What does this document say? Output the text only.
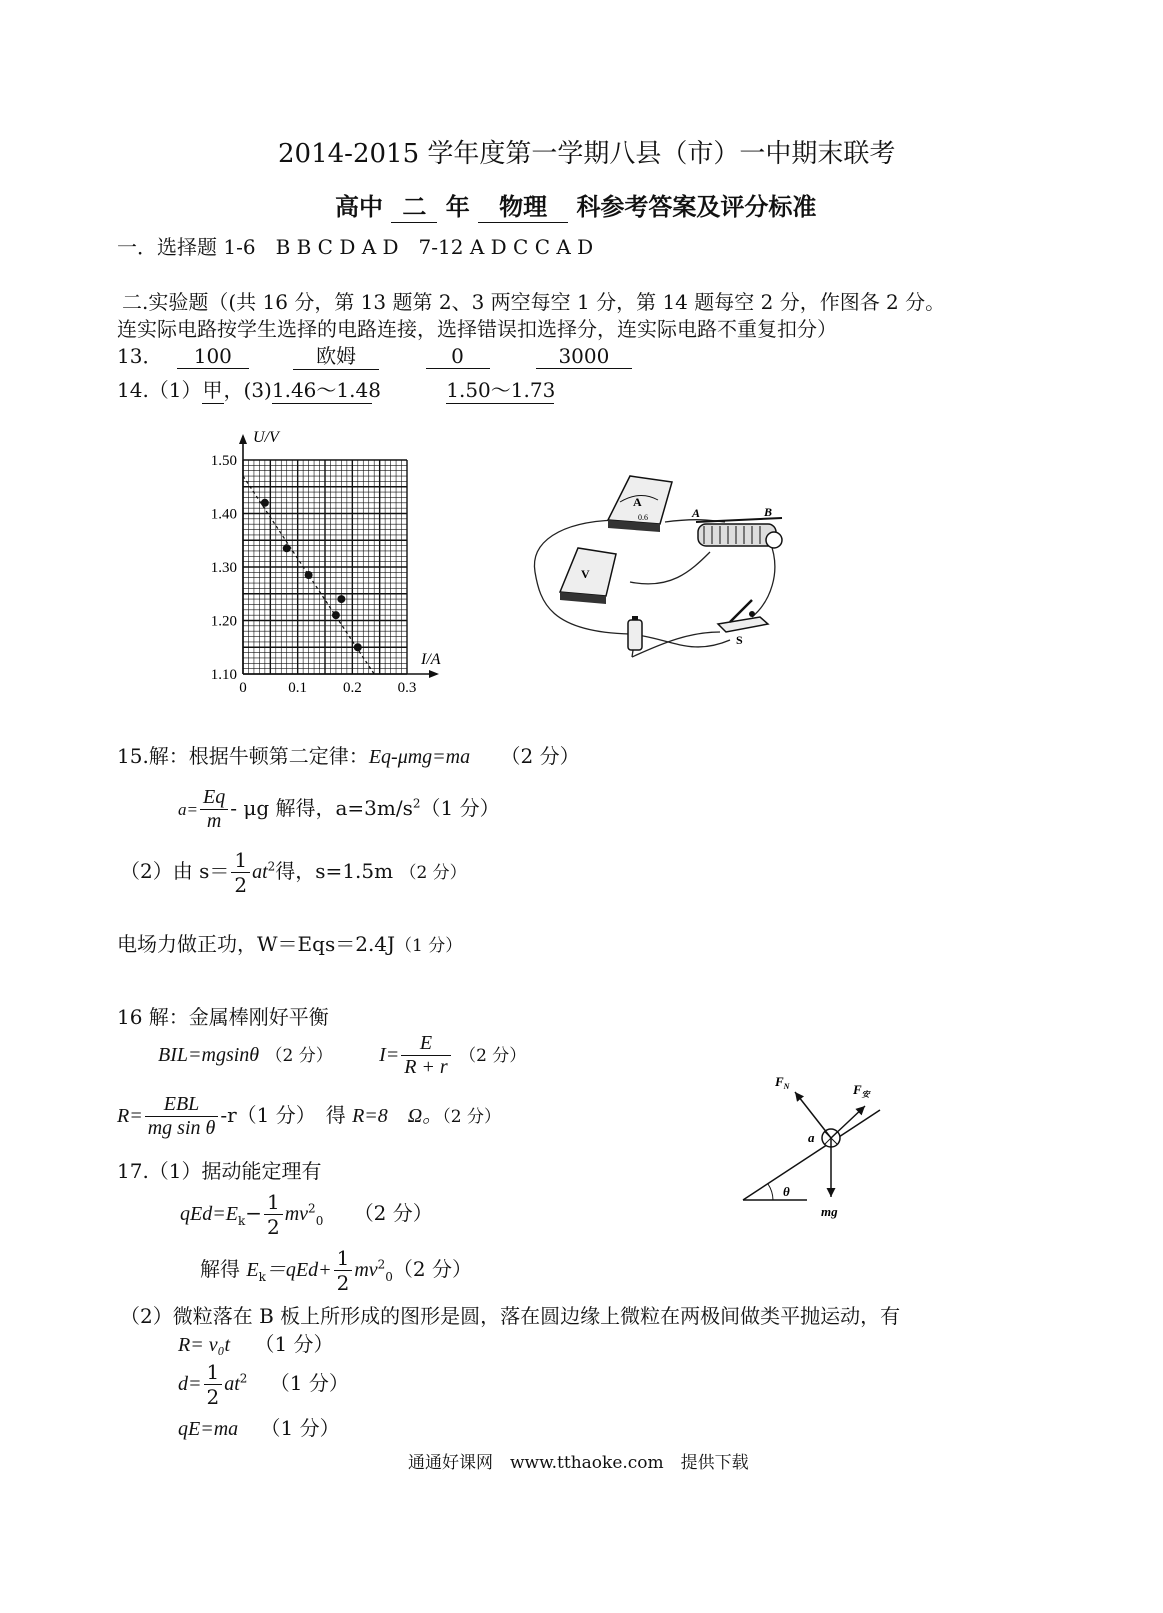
2014-2015 学年度第一学期八县（市）一中期末联考
高中 二 年 物理 科参考答案及评分标准
一．选择题 1-6　B B C D A D　7-12 A D C C A D
二.实验题（(共 16 分，第 13 题第 2、3 两空每空 1 分，第 14 题每空 2 分，作图各 2 分。
连实际电路按学生选择的电路连接，选择错误扣选择分，连实际电路不重复扣分）
13． 100	欧姆	0	3000
14.（1）甲，(3)1.46～1.48	1.50～1.73
1.10
1.20
1.30
1.40
1.50
0	0.1 0.2 0.3
U/V
I/A
A
0.6
V
A	B
S
15.解：根据牛顿第二定律：Eq-μmg=ma （2 分）
$a= \frac{Eq}{m} - \mu g$ 解得，$a=3m/s^2(1$ 分）
（2）由 $s= \frac{1}{2} at^2$得，s=1.5m （2 分）
电场力做正功，W＝Eqs＝2.4J（1 分）
16 解：金属棒刚好平衡
BIL=mgsinθ （2 分） $I= \frac{E}{R + r} (2$ 分）
$R= \frac{\text{EBL}}{\text{mg sin θ}} -r(1$ 分）　得 R=8　Ω。（2 分）
$F_N$	$F_安$
a
θ
mg
17.（1）据动能定理有
$qEd=E_k- \frac{1}{2} mv^2_0$ （2 分）
解得 $E_k=qEd+ \frac{1}{2} mv^2_0(2$ 分）
（2）微粒落在 B 板上所形成的图形是圆，落在圆边缘上微粒在两极间做类平抛运动，有
R= v₀t （1 分）
$d= \frac{1}{2} at^2$ （1 分）
qE=ma （1 分）
通通好课网　www.tthaoke.com　提供下载
